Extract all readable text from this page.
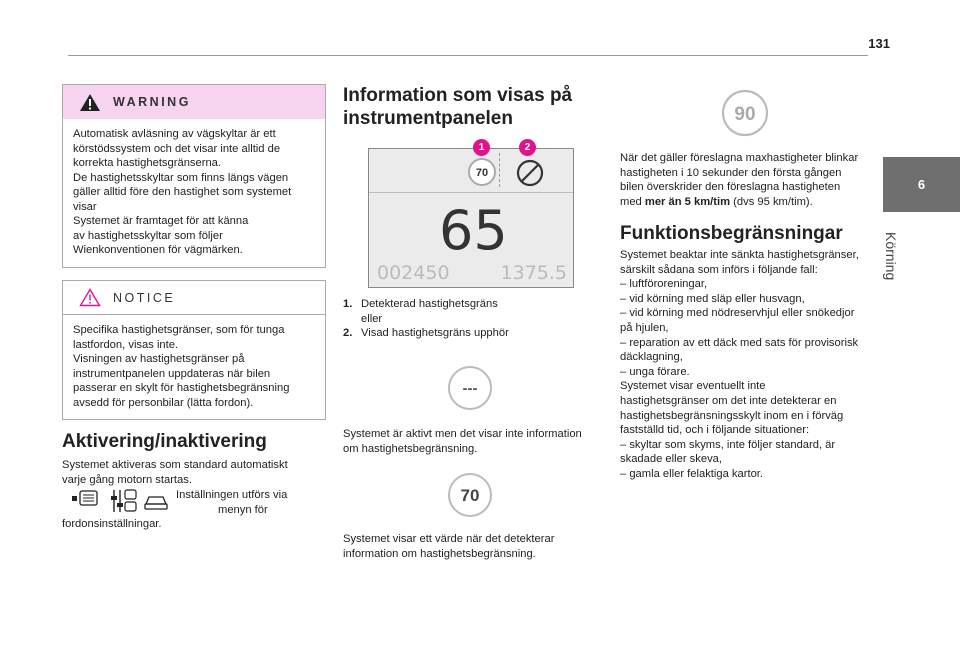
131
6
Körning
WARNING
Automatisk avläsning av vägskyltar är ett
körstödssystem och det visar inte alltid de
korrekta hastighetsgränserna.
De hastighetsskyltar som finns längs vägen
gäller alltid före den hastighet som systemet
visar
Systemet är framtaget för att känna
av hastighetsskyltar som följer
Wienkonventionen för vägmärken.
NOTICE
Specifika hastighetsgränser, som för tunga
lastfordon, visas inte.
Visningen av hastighetsgränser på
instrumentpanelen uppdateras när bilen
passerar en skylt för hastighetsbegränsning
avsedd för personbilar (lätta fordon).
Aktivering/inaktivering
Systemet aktiveras som standard automatiskt
varje gång motorn startas.
Inställningen utförs via
menyn för
fordonsinställningar.
Information som visas på
instrumentpanelen
70
65
002450	1375.5
1	2
1. Detekterad hastighetsgräns
eller
2. Visad hastighetsgräns upphör
---
Systemet är aktivt men det visar inte information
om hastighetsbegränsning.
70
Systemet visar ett värde när det detekterar
information om hastighetsbegränsning.
90
När det gäller föreslagna maxhastigheter blinkar
hastigheten i 10 sekunder den första gången
bilen överskrider den föreslagna hastigheten
med mer än 5 km/tim (dvs 95 km/tim).
Funktionsbegränsningar
Systemet beaktar inte sänkta hastighetsgränser,
särskilt sådana som införs i följande fall:
– luftföroreningar,
– vid körning med släp eller husvagn,
– vid körning med nödreservhjul eller snökedjor
på hjulen,
– reparation av ett däck med sats för provisorisk
däcklagning,
– unga förare.
Systemet visar eventuellt inte
hastighetsgränser om det inte detekterar en
hastighetsbegränsningsskylt inom en i förväg
fastställd tid, och i följande situationer:
– skyltar som skyms, inte följer standard, är
skadade eller skeva,
– gamla eller felaktiga kartor.
